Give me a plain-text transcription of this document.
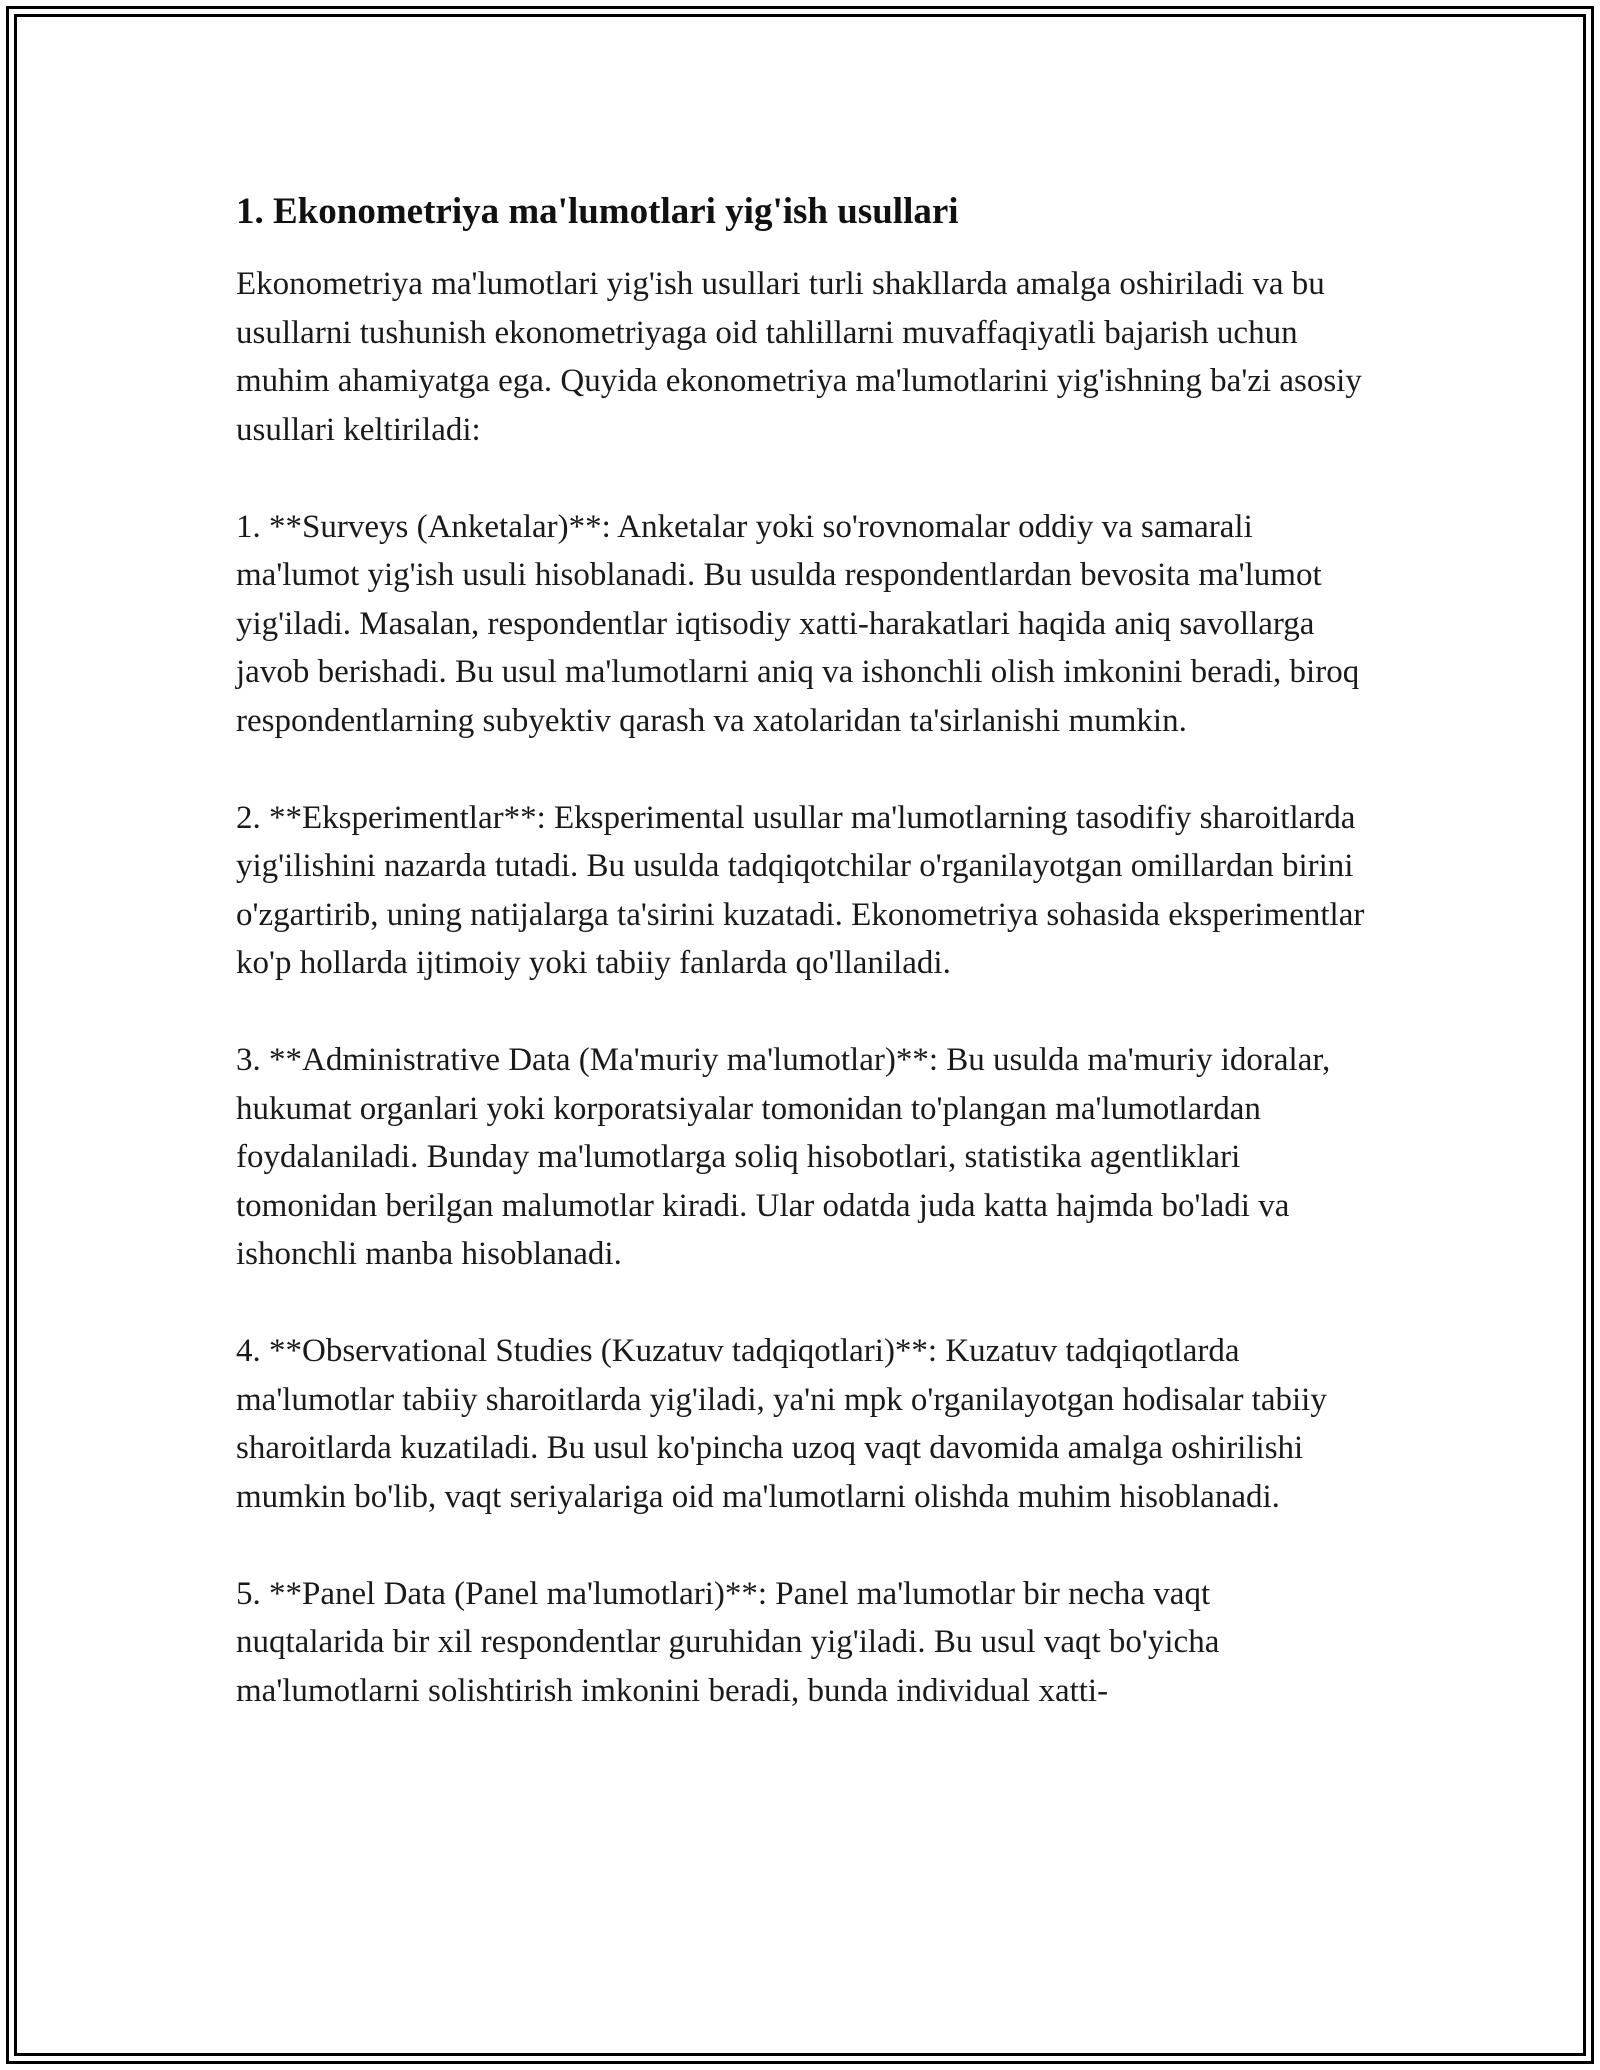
1. Ekonometriya ma'lumotlari yig'ish usullari

Ekonometriya ma'lumotlari yig'ish usullari turli shakllarda amalga oshiriladi va bu usullarni tushunish ekonometriyaga oid tahlillarni muvaffaqiyatli bajarish uchun muhim ahamiyatga ega. Quyida ekonometriya ma'lumotlarini yig'ishning ba'zi asosiy usullari keltiriladi:

1. **Surveys (Anketalar)**: Anketalar yoki so'rovnomalar oddiy va samarali ma'lumot yig'ish usuli hisoblanadi. Bu usulda respondentlardan bevosita ma'lumot yig'iladi. Masalan, respondentlar iqtisodiy xatti-harakatlari haqida aniq savollarga javob berishadi. Bu usul ma'lumotlarni aniq va ishonchli olish imkonini beradi, biroq respondentlarning subyektiv qarash va xatolaridan ta'sirlanishi mumkin.

2. **Eksperimentlar**: Eksperimental usullar ma'lumotlarning tasodifiy sharoitlarda yig'ilishini nazarda tutadi. Bu usulda tadqiqotchilar o'rganilayotgan omillardan birini o'zgartirib, uning natijalarga ta'sirini kuzatadi. Ekonometriya sohasida eksperimentlar ko'p hollarda ijtimoiy yoki tabiiy fanlarda qo'llaniladi.

3. **Administrative Data (Ma'muriy ma'lumotlar)**: Bu usulda ma'muriy idoralar, hukumat organlari yoki korporatsiyalar tomonidan to'plangan ma'lumotlardan foydalaniladi. Bunday ma'lumotlarga soliq hisobotlari, statistika agentliklari tomonidan berilgan malumotlar kiradi. Ular odatda juda katta hajmda bo'ladi va ishonchli manba hisoblanadi.

4. **Observational Studies (Kuzatuv tadqiqotlari)**: Kuzatuv tadqiqotlarda ma'lumotlar tabiiy sharoitlarda yig'iladi, ya'ni mpk o'rganilayotgan hodisalar tabiiy sharoitlarda kuzatiladi. Bu usul ko'pincha uzoq vaqt davomida amalga oshirilishi mumkin bo'lib, vaqt seriyalariga oid ma'lumotlarni olishda muhim hisoblanadi.

5. **Panel Data (Panel ma'lumotlari)**: Panel ma'lumotlar bir necha vaqt nuqtalarida bir xil respondentlar guruhidan yig'iladi. Bu usul vaqt bo'yicha ma'lumotlarni solishtirish imkonini beradi, bunda individual xatti-
